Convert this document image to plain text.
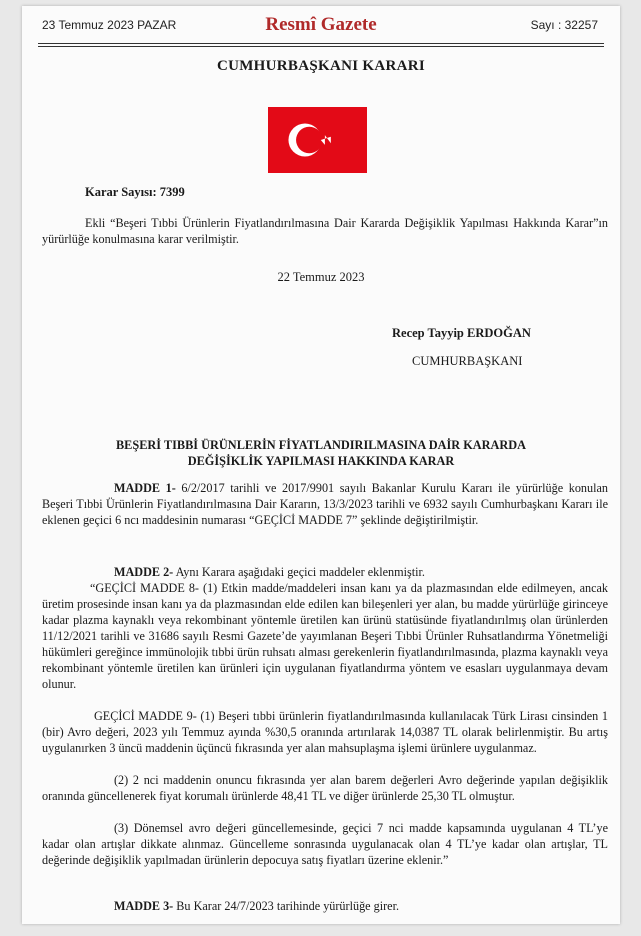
23 Temmuz 2023 PAZAR	Resmî Gazete	Sayı : 32257
CUMHURBAŞKANI KARARI
Karar Sayısı: 7399
Ekli “Beşeri Tıbbi Ürünlerin Fiyatlandırılmasına Dair Kararda Değişiklik Yapılması Hakkında Karar”ın yürürlüğe konulmasına karar verilmiştir.
22 Temmuz 2023
Recep Tayyip ERDOĞAN
CUMHURBAŞKANI
BEŞERİ TIBBİ ÜRÜNLERİN FİYATLANDIRILMASINA DAİR KARARDA
DEĞİŞİKLİK YAPILMASI HAKKINDA KARAR
MADDE 1- 6/2/2017 tarihli ve 2017/9901 sayılı Bakanlar Kurulu Kararı ile yürürlüğe konulan Beşeri Tıbbi Ürünlerin Fiyatlandırılmasına Dair Kararın, 13/3/2023 tarihli ve 6932 sayılı Cumhurbaşkanı Kararı ile eklenen geçici 6 ncı maddesinin numarası “GEÇİCİ MADDE 7” şeklinde değiştirilmiştir.
MADDE 2- Aynı Karara aşağıdaki geçici maddeler eklenmiştir.
“GEÇİCİ MADDE 8- (1) Etkin madde/maddeleri insan kanı ya da plazmasından elde edilmeyen, ancak üretim prosesinde insan kanı ya da plazmasından elde edilen kan bileşenleri yer alan, bu madde yürürlüğe girinceye kadar plazma kaynaklı veya rekombinant yöntemle üretilen kan ürünü statüsünde fiyatlandırılmış olan ürünlerden 11/12/2021 tarihli ve 31686 sayılı Resmi Gazete’de yayımlanan Beşeri Tıbbi Ürünler Ruhsatlandırma Yönetmeliği hükümleri gereğince immünolojik tıbbi ürün ruhsatı alması gerekenlerin fiyatlandırılmasında, plazma kaynaklı veya rekombinant yöntemle üretilen kan ürünleri için uygulanan fiyatlandırma yöntem ve esasları uygulanmaya devam olunur.
GEÇİCİ MADDE 9- (1) Beşeri tıbbi ürünlerin fiyatlandırılmasında kullanılacak Türk Lirası cinsinden 1 (bir) Avro değeri, 2023 yılı Temmuz ayında %30,5 oranında artırılarak 14,0387 TL olarak belirlenmiştir. Bu artış uygulanırken 3 üncü maddenin üçüncü fıkrasında yer alan mahsuplaşma işlemi ürünlere uygulanmaz.
(2) 2 nci maddenin onuncu fıkrasında yer alan barem değerleri Avro değerinde yapılan değişiklik oranında güncellenerek fiyat korumalı ürünlerde 48,41 TL ve diğer ürünlerde 25,30 TL olmuştur.
(3) Dönemsel avro değeri güncellemesinde, geçici 7 nci madde kapsamında uygulanan 4 TL’ye kadar olan artışlar dikkate alınmaz. Güncelleme sonrasında uygulanacak olan 4 TL’ye kadar olan artışlar, TL değerinde değişiklik yapılmadan ürünlerin depocuya satış fiyatları üzerine eklenir.”
MADDE 3- Bu Karar 24/7/2023 tarihinde yürürlüğe girer.
